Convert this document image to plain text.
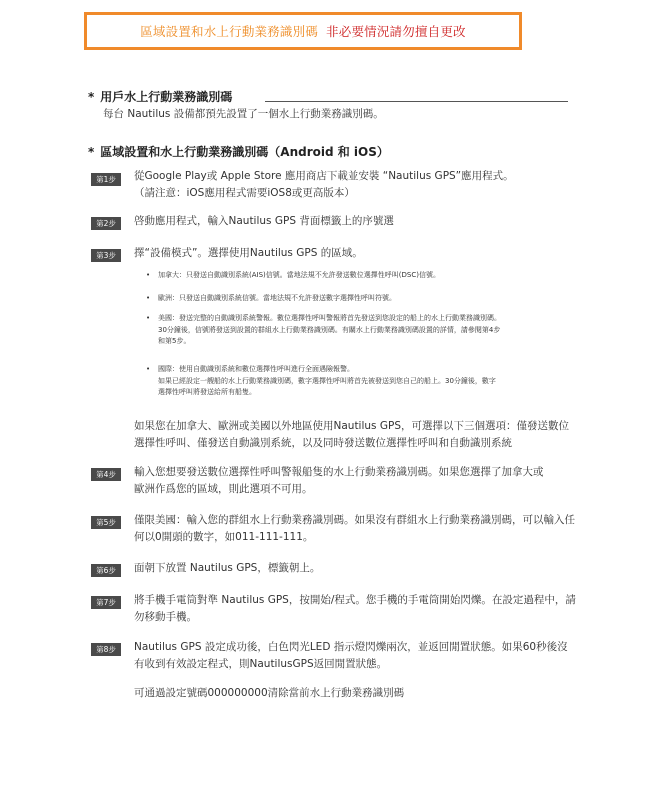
區域設置和水上行動業務識別碼 非必要情況請勿擅自更改
* 用戶水上行動業務識別碼
每台 Nautilus 設備都預先設置了一個水上行動業務識別碼。
* 區域設置和水上行動業務識別碼（Android 和 iOS）
第1步	從Google Play或 Apple Store 應用商店下載並安裝 “Nautilus GPS”應用程式。
（請注意：iOS應用程式需要iOS8或更高版本）
第2步	啓動應用程式，輸入Nautilus GPS 背面標籤上的序號選
第3步	擇“設備模式”。選擇使用Nautilus GPS 的區域。
•	加拿大：只發送自動識別系統(AIS)信號。當地法規不允許發送數位選擇性呼叫(DSC)信號。
•	歐洲：只發送自動識別系統信號。當地法規不允許發送數字選擇性呼叫符號。
•	美國：發送完整的自動識別系統警報。數位選擇性呼叫警報將首先發送到您設定的船上的水上行動業務識別碼。
30分鐘後，信號將發送到設置的群組水上行動業務識別碼。有關水上行動業務識別碼設置的詳情，請參閱第4步
和第5步。
•	國際：使用自動識別系統和數位選擇性呼叫進行全面遇險報警。
如果已經設定一艘船的水上行動業務識別碼，數字選擇性呼叫將首先被發送到您自己的船上。30分鐘後，數字
選擇性呼叫將發送給所有船隻。
如果您在加拿大、歐洲或美國以外地區使用Nautilus GPS，可選擇以下三個選項：僅發送數位
選擇性呼叫、僅發送自動識別系統，以及同時發送數位選擇性呼叫和自動識別系統
第4步	輸入您想要發送數位選擇性呼叫警報船隻的水上行動業務識別碼。如果您選擇了加拿大或
歐洲作爲您的區域，則此選項不可用。
第5步	僅限美國：輸入您的群組水上行動業務識別碼。如果沒有群組水上行動業務識別碼，可以輸入任
何以0開頭的數字，如011-111-111。
第6步	面朝下放置 Nautilus GPS，標籤朝上。
第7步	將手機手電筒對準 Nautilus GPS，按開始/程式。您手機的手電筒開始閃爍。在設定過程中，請
勿移動手機。
第8步	Nautilus GPS 設定成功後，白色閃光LED 指示燈閃爍兩次，並返回閒置狀態。如果60秒後沒
有收到有效設定程式，則NautilusGPS返回閒置狀態。
可通過設定號碼000000000清除當前水上行動業務識別碼
